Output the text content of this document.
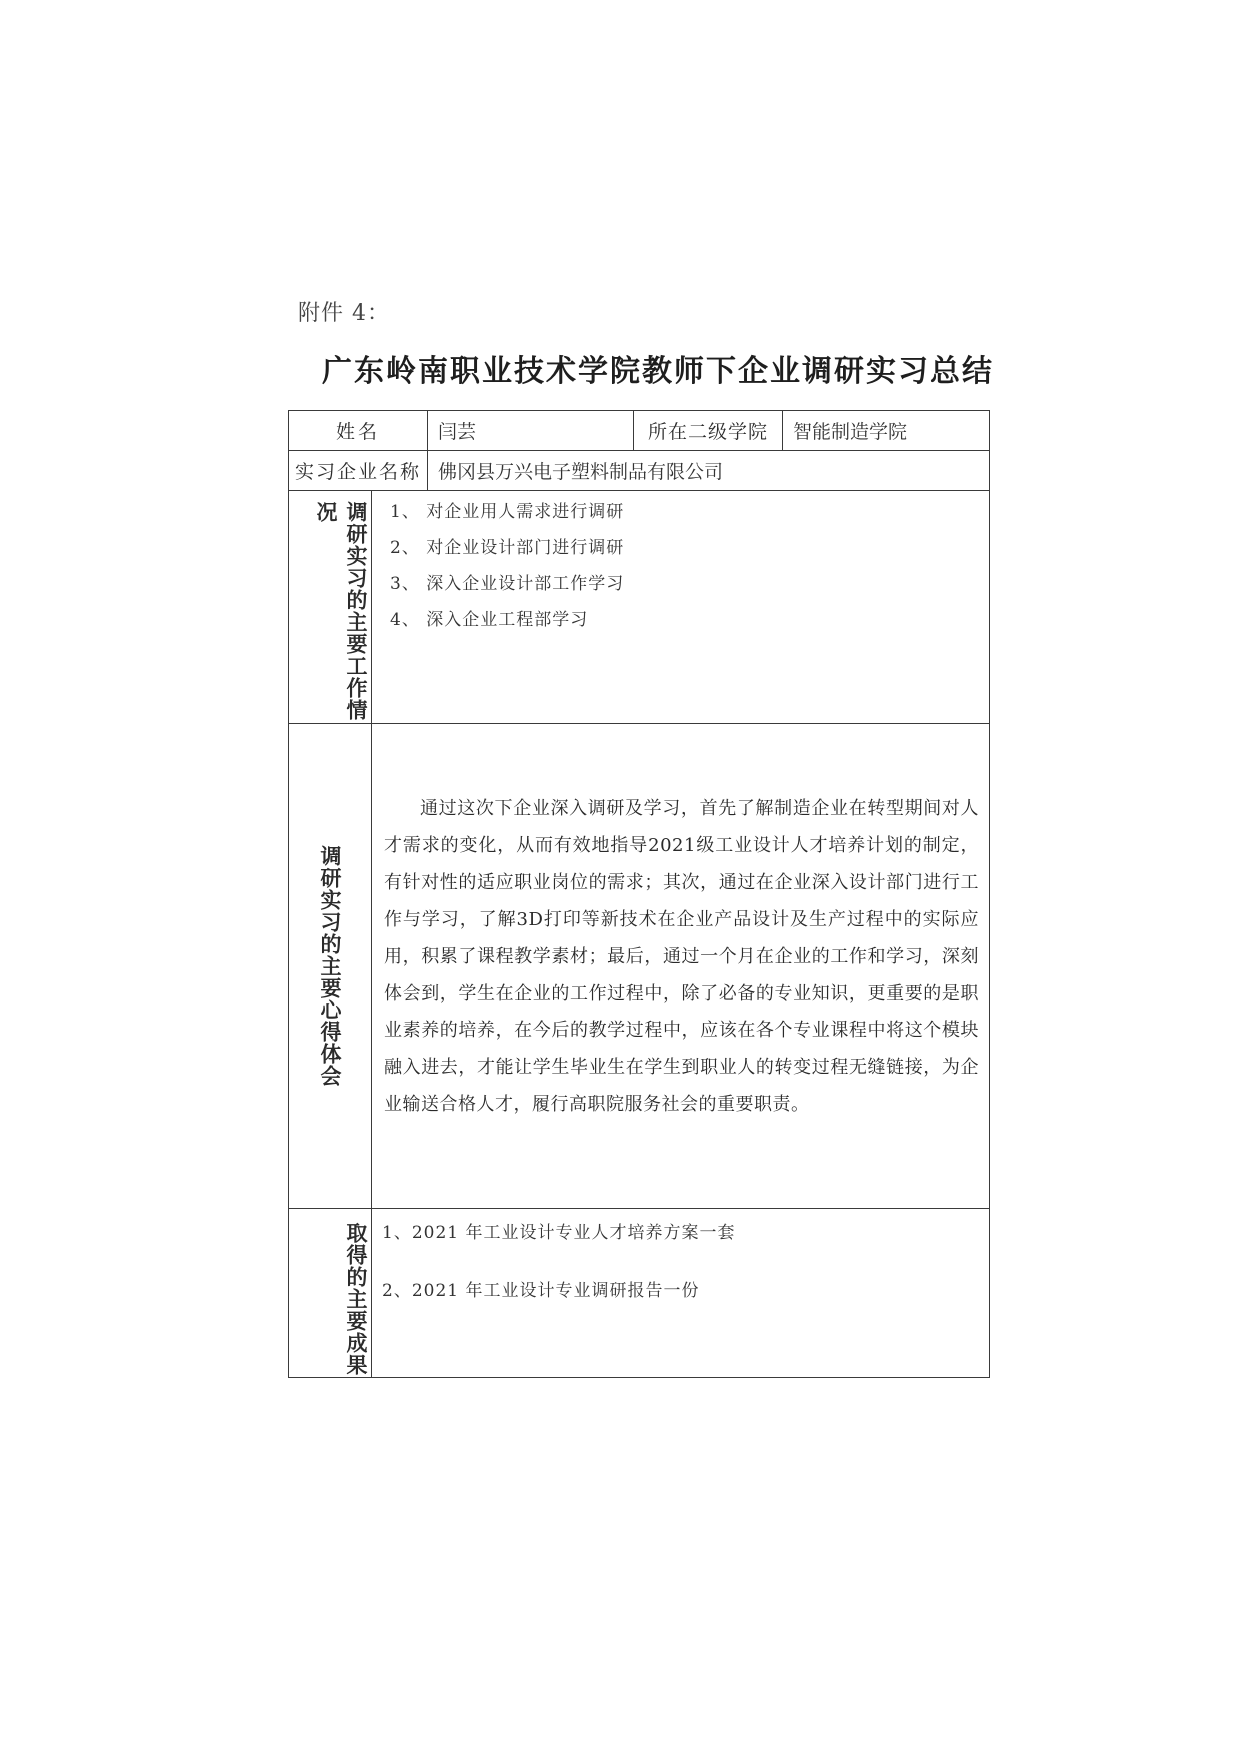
附件 4：
广东岭南职业技术学院教师下企业调研实习总结
姓名	闫芸	所在二级学院	智能制造学院
实习企业名称 佛冈县万兴电子塑料制品有限公司
调研实习的主要工作情况	1、 对企业用人需求进行调研
2、 对企业设计部门进行调研
3、 深入企业设计部工作学习
4、 深入企业工程部学习
调研实习的主要心得体会

通过这次下企业深入调研及学习，首先了解制造企业在转型期间对人才需求的变化，从而有效地指导2021级工业设计人才培养计划的制定，有针对性的适应职业岗位的需求；其次，通过在企业深入设计部门进行工作与学习，了解3D打印等新技术在企业产品设计及生产过程中的实际应用，积累了课程教学素材；最后，通过一个月在企业的工作和学习，深刻体会到，学生在企业的工作过程中，除了必备的专业知识，更重要的是职业素养的培养，在今后的教学过程中，应该在各个专业课程中将这个模块融入进去，才能让学生毕业生在学生到职业人的转变过程无缝链接，为企业输送合格人才，履行高职院服务社会的重要职责。

取得的主要成果 1、2021 年工业设计专业人才培养方案一套
2、2021 年工业设计专业调研报告一份
